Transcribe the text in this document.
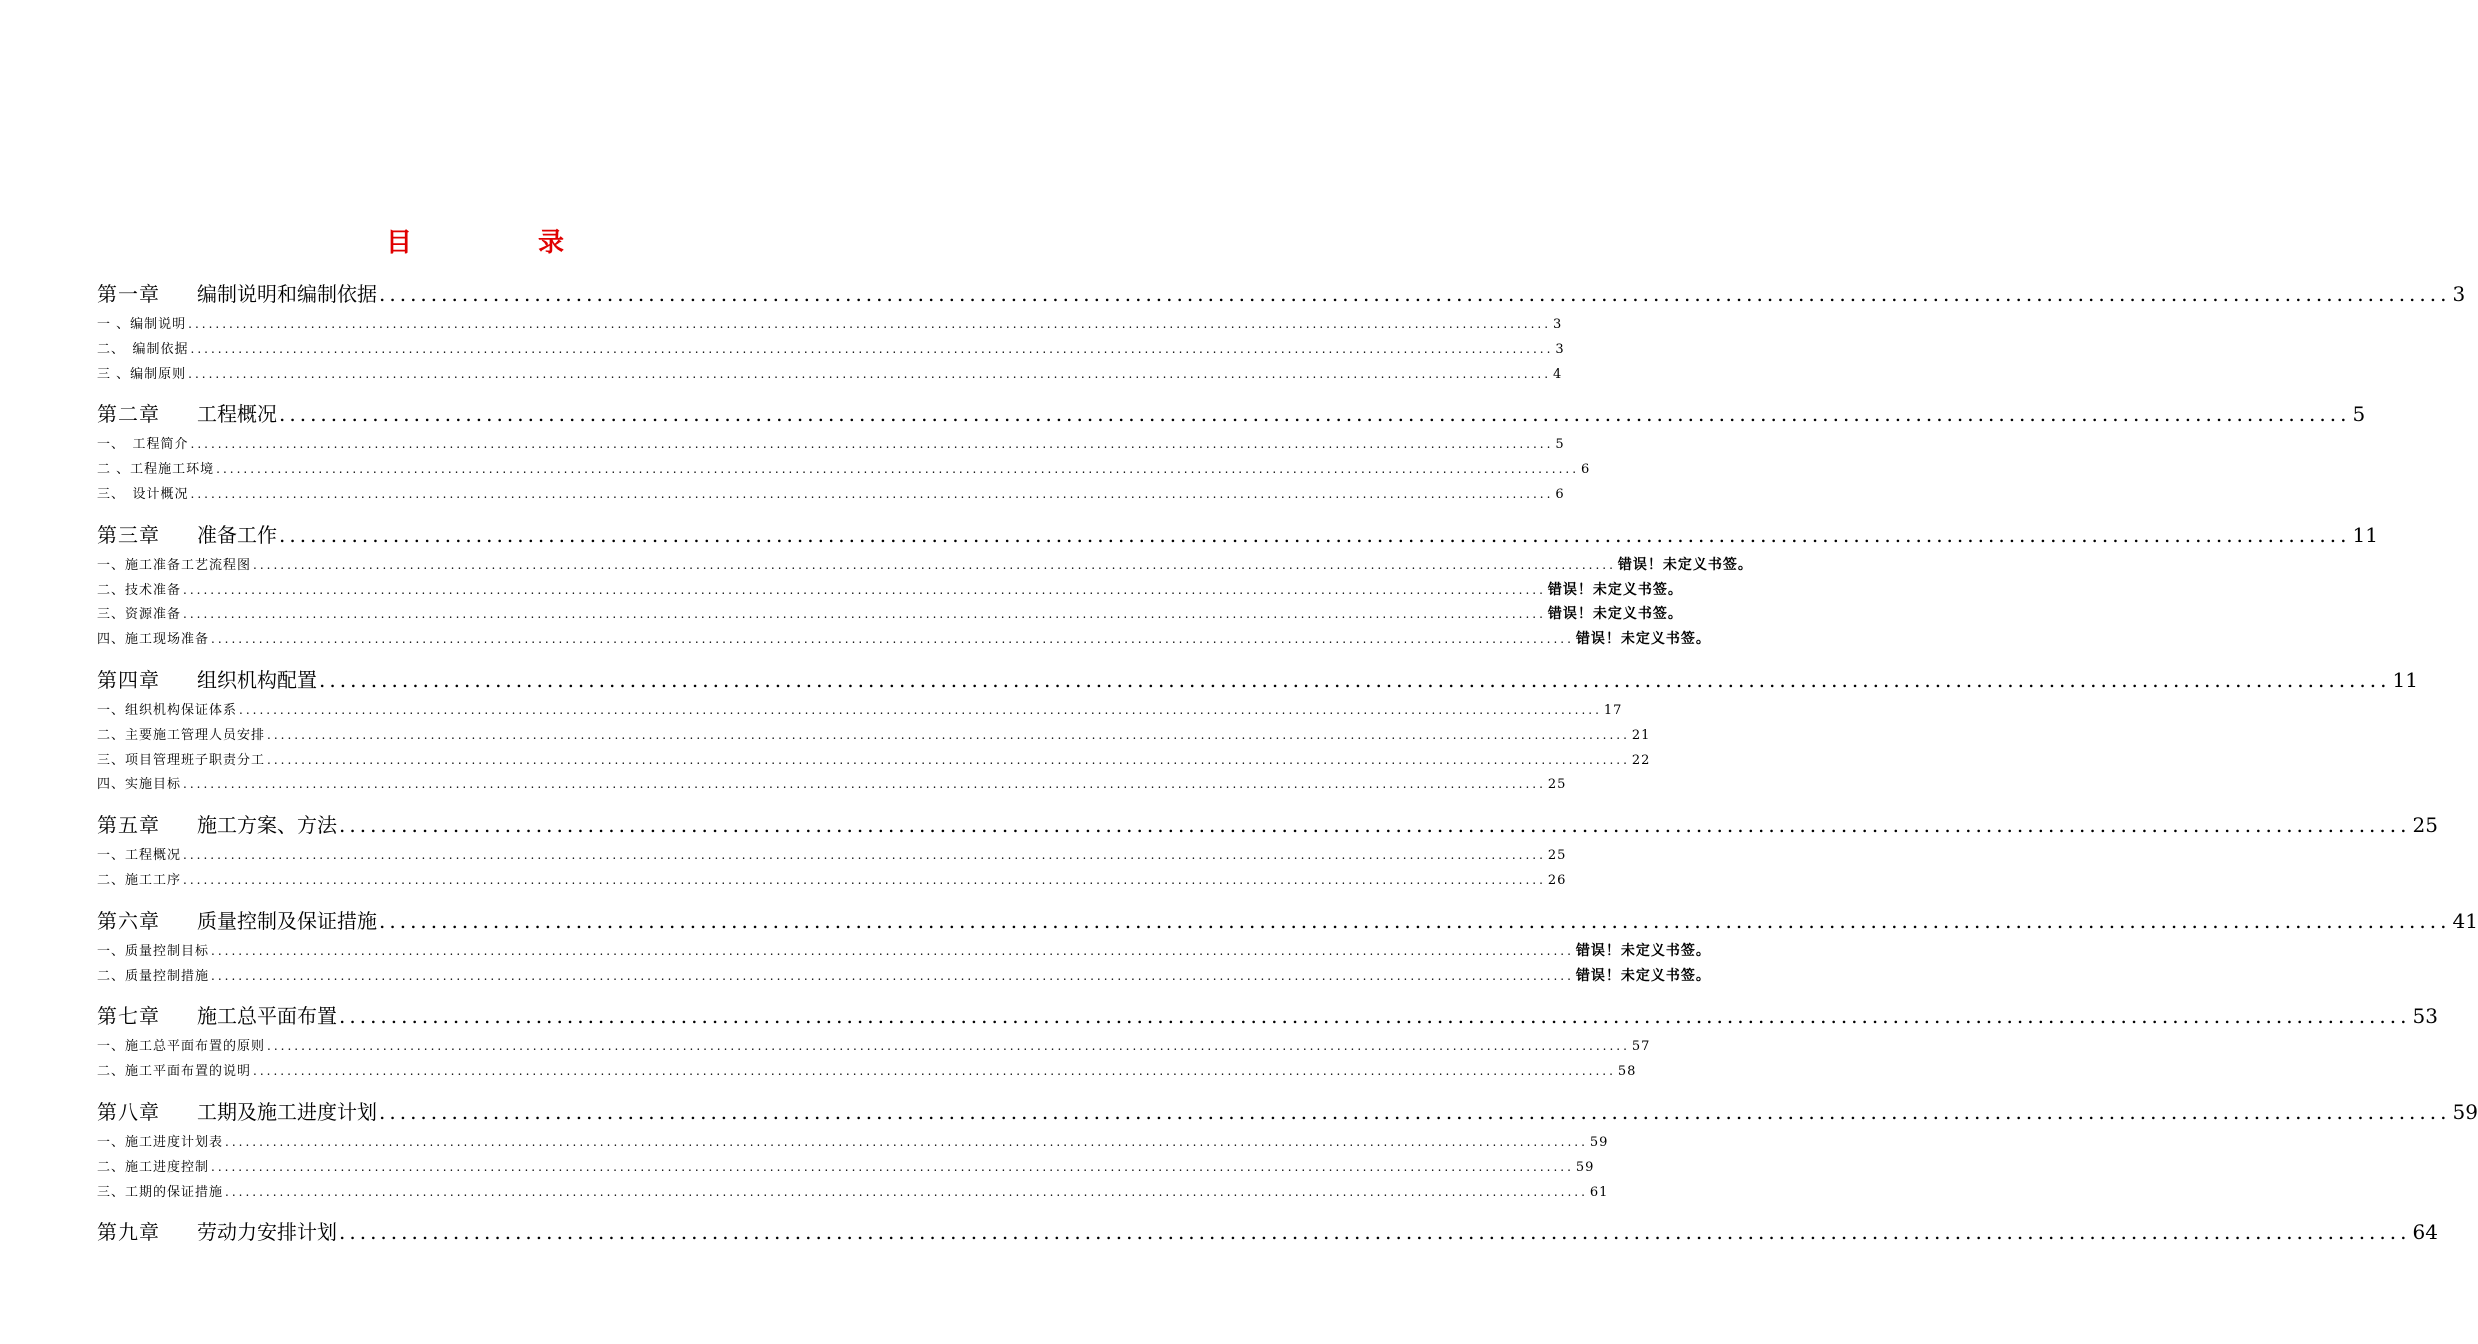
目　录
第一章	编制说明和编制依据 ........................................................................................................................................................................................................ 3
一 、编制说明 ........................................................................................................................................................................................................ 3
二、　编制依据 ........................................................................................................................................................................................................ 3
三 、编制原则 ........................................................................................................................................................................................................ 4
第二章	工程概况 ........................................................................................................................................................................................................ 5
一、　工程简介 ........................................................................................................................................................................................................ 5
二 、工程施工环境 ........................................................................................................................................................................................................ 6
三、　设计概况 ........................................................................................................................................................................................................ 6
第三章	准备工作 ........................................................................................................................................................................................................ 11
一、施工准备工艺流程图 ........................................................................................................................................................................................................ 错误！未定义书签。
二、技术准备 ........................................................................................................................................................................................................ 错误！未定义书签。
三、资源准备 ........................................................................................................................................................................................................ 错误！未定义书签。
四、施工现场准备 ........................................................................................................................................................................................................ 错误！未定义书签。
第四章	组织机构配置 ........................................................................................................................................................................................................ 11
一、组织机构保证体系 ........................................................................................................................................................................................................ 17
二、主要施工管理人员安排 ........................................................................................................................................................................................................ 21
三、项目管理班子职责分工 ........................................................................................................................................................................................................ 22
四、实施目标 ........................................................................................................................................................................................................ 25
第五章	施工方案、方法 ........................................................................................................................................................................................................ 25
一、工程概况 ........................................................................................................................................................................................................ 25
二、施工工序 ........................................................................................................................................................................................................ 26
第六章	质量控制及保证措施 ........................................................................................................................................................................................................ 41
一、质量控制目标 ........................................................................................................................................................................................................ 错误！未定义书签。
二、质量控制措施 ........................................................................................................................................................................................................ 错误！未定义书签。
第七章	施工总平面布置 ........................................................................................................................................................................................................ 53
一、施工总平面布置的原则 ........................................................................................................................................................................................................ 57
二、施工平面布置的说明 ........................................................................................................................................................................................................ 58
第八章	工期及施工进度计划 ........................................................................................................................................................................................................ 59
一、施工进度计划表 ........................................................................................................................................................................................................ 59
二、施工进度控制 ........................................................................................................................................................................................................ 59
三、工期的保证措施 ........................................................................................................................................................................................................ 61
第九章	劳动力安排计划 ........................................................................................................................................................................................................ 64
